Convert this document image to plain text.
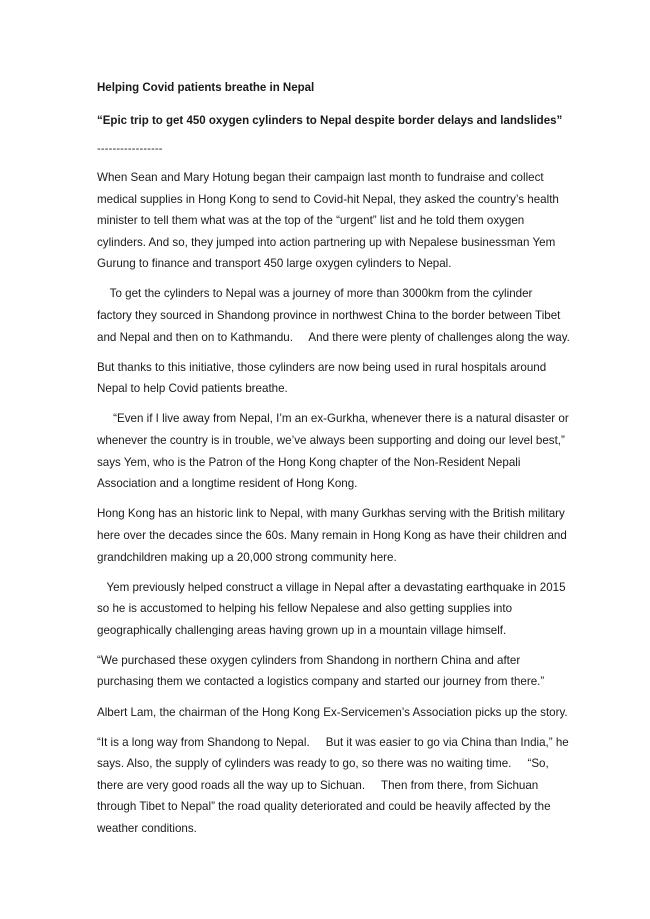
Helping Covid patients breathe in Nepal
“Epic trip to get 450 oxygen cylinders to Nepal despite border delays and landslides”
-----------------
When Sean and Mary Hotung began their campaign last month to fundraise and collect
medical supplies in Hong Kong to send to Covid-hit Nepal, they asked the country’s health
minister to tell them what was at the top of the “urgent” list and he told them oxygen
cylinders. And so, they jumped into action partnering up with Nepalese businessman Yem
Gurung to finance and transport 450 large oxygen cylinders to Nepal.
To get the cylinders to Nepal was a journey of more than 3000km from the cylinder
factory they sourced in Shandong province in northwest China to the border between Tibet
and Nepal and then on to Kathmandu.     And there were plenty of challenges along the way.
But thanks to this initiative, those cylinders are now being used in rural hospitals around
Nepal to help Covid patients breathe.
“Even if I live away from Nepal, I’m an ex-Gurkha, whenever there is a natural disaster or
whenever the country is in trouble, we’ve always been supporting and doing our level best,”
says Yem, who is the Patron of the Hong Kong chapter of the Non-Resident Nepali
Association and a longtime resident of Hong Kong.
Hong Kong has an historic link to Nepal, with many Gurkhas serving with the British military
here over the decades since the 60s. Many remain in Hong Kong as have their children and
grandchildren making up a 20,000 strong community here.
Yem previously helped construct a village in Nepal after a devastating earthquake in 2015
so he is accustomed to helping his fellow Nepalese and also getting supplies into
geographically challenging areas having grown up in a mountain village himself.
“We purchased these oxygen cylinders from Shandong in northern China and after
purchasing them we contacted a logistics company and started our journey from there.”
Albert Lam, the chairman of the Hong Kong Ex-Servicemen’s Association picks up the story.
“It is a long way from Shandong to Nepal.     But it was easier to go via China than India,” he
says. Also, the supply of cylinders was ready to go, so there was no waiting time.     “So,
there are very good roads all the way up to Sichuan.     Then from there, from Sichuan
through Tibet to Nepal” the road quality deteriorated and could be heavily affected by the
weather conditions.
